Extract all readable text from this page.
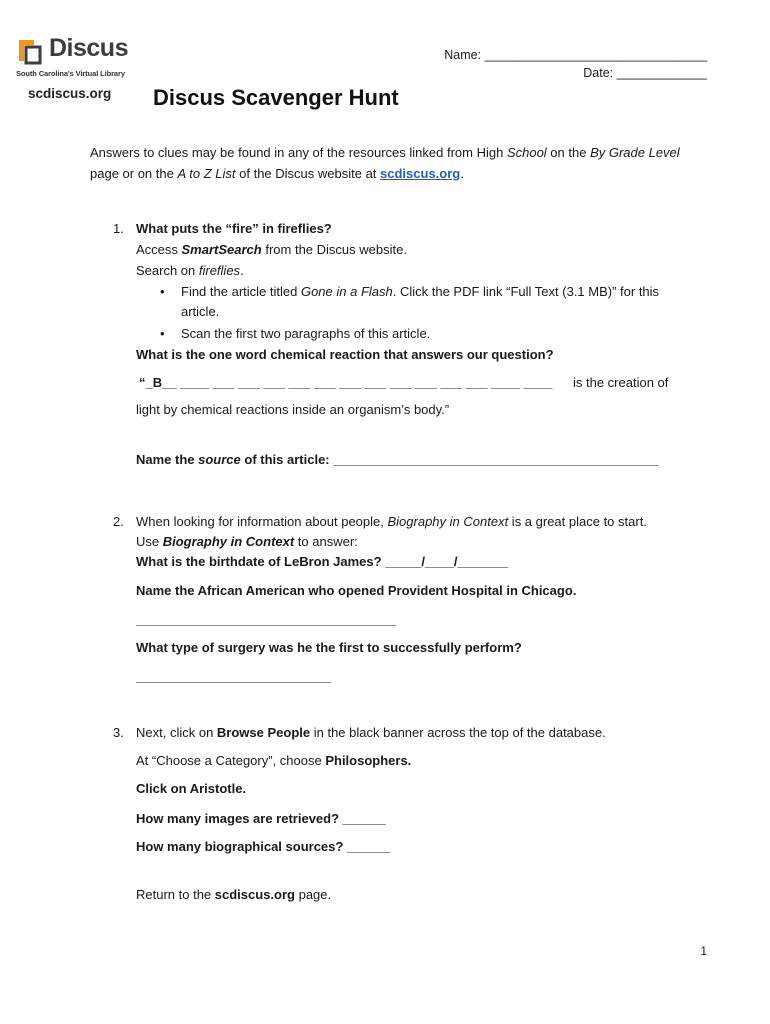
Discus
South Carolina's Virtual Library
scdiscus.org Discus Scavenger Hunt
Name: ________________________________
Date: _____________
Answers to clues may be found in any of the resources linked from High School on the By Grade Level page or on the A to Z List of the Discus website at scdiscus.org.
1. What puts the “fire” in fireflies?
Access SmartSearch from the Discus website.
Search on fireflies.
• Find the article titled Gone in a Flash. Click the PDF link “Full Text (3.1 MB)” for this
article.
• Scan the first two paragraphs of this article.
What is the one word chemical reaction that answers our question?
“_B__ ____ ___ ___ ___ ___ ___ ___ ___ ___ ___ ___ ___ ____ ____ is the creation of
light by chemical reactions inside an organism’s body.”
Name the source of this article: _____________________________________________
2. When looking for information about people, Biography in Context is a great place to start.
Use Biography in Context to answer:
What is the birthdate of LeBron James? _____/____/_______
Name the African American who opened Provident Hospital in Chicago.
____________________________________
What type of surgery was he the first to successfully perform?
___________________________
3. Next, click on Browse People in the black banner across the top of the database.
At “Choose a Category”, choose Philosophers.
Click on Aristotle.
How many images are retrieved? ______
How many biographical sources? ______
Return to the scdiscus.org page.
1
